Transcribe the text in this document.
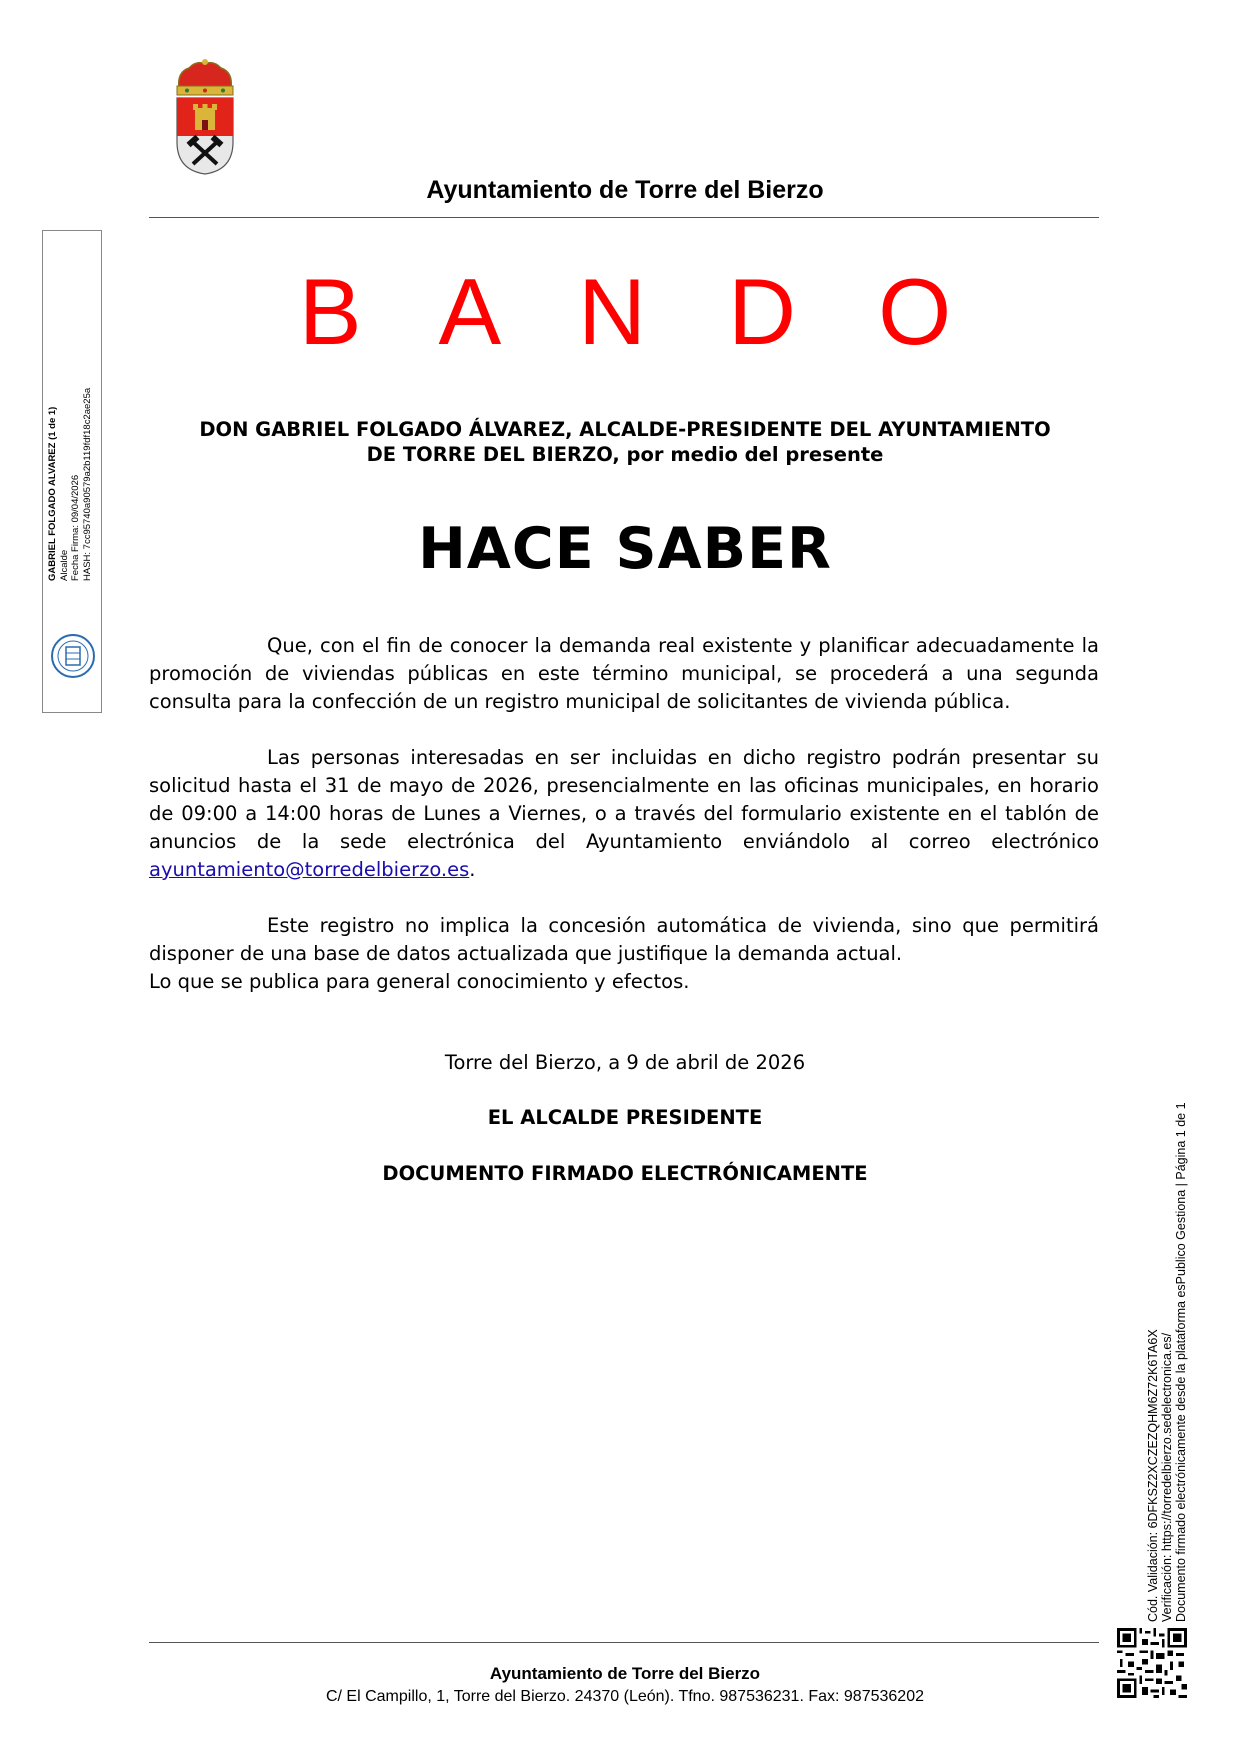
Ayuntamiento de Torre del Bierzo
B A N D O
DON GABRIEL FOLGADO ÁLVAREZ, ALCALDE-PRESIDENTE DEL AYUNTAMIENTO
DE TORRE DEL BIERZO, por medio del presente
HACE SABER

Que, con el fin de conocer la demanda real existente y planificar adecuadamente la promoción de viviendas públicas en este término municipal, se procederá a una segunda consulta para la confección de un registro municipal de solicitantes de vivienda pública.

Las personas interesadas en ser incluidas en dicho registro podrán presentar su solicitud hasta el 31 de mayo de 2026, presencialmente en las oficinas municipales, en horario de 09:00 a 14:00 horas de Lunes a Viernes, o a través del formulario existente en el tablón de anuncios de la sede electrónica del Ayuntamiento enviándolo al correo electrónico ayuntamiento@torredelbierzo.es.

Este registro no implica la concesión automática de vivienda, sino que permitirá disponer de una base de datos actualizada que justifique la demanda actual.

Lo que se publica para general conocimiento y efectos.

Torre del Bierzo, a 9 de abril de 2026
EL ALCALDE PRESIDENTE
DOCUMENTO FIRMADO ELECTRÓNICAMENTE
Ayuntamiento de Torre del Bierzo
C/ El Campillo, 1, Torre del Bierzo. 24370 (León). Tfno. 987536231. Fax: 987536202
GABRIEL FOLGADO ALVAREZ (1 de 1) Alcalde Fecha Firma: 09/04/2026 HASH: 7cc95740a90579a2b119fdf18c2ae25a
Cód. Validación: 6DFKSZ2XCZEZQHM6Z72K6TA6X Verificación: https://torredelbierzo.sedelectronica.es/ Documento firmado electrónicamente desde la plataforma esPublico Gestiona | Página 1 de 1
